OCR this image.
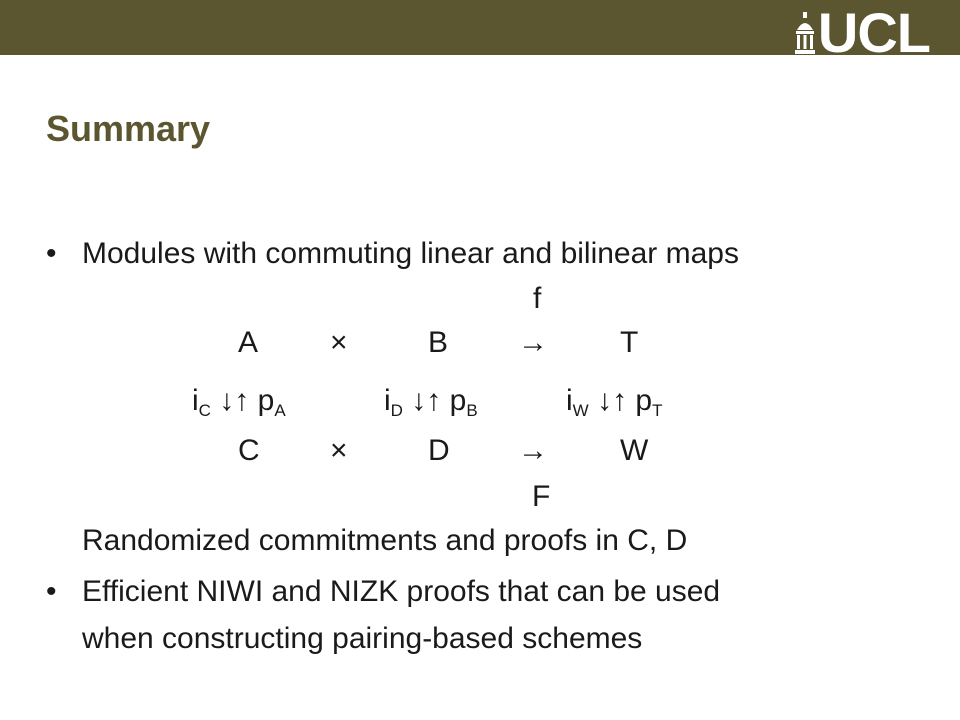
UCL
Summary
• Modules with commuting linear and bilinear maps
f
A ×	B → T
$i_C$ ↓↑ $p_A$	$i_D$ ↓↑ $p_B$	$i_W$ ↓↑ $p_T$
C ×	D → W
F
Randomized commitments and proofs in C, D
• Efficient NIWI and NIZK proofs that can be used
when constructing pairing-based schemes
